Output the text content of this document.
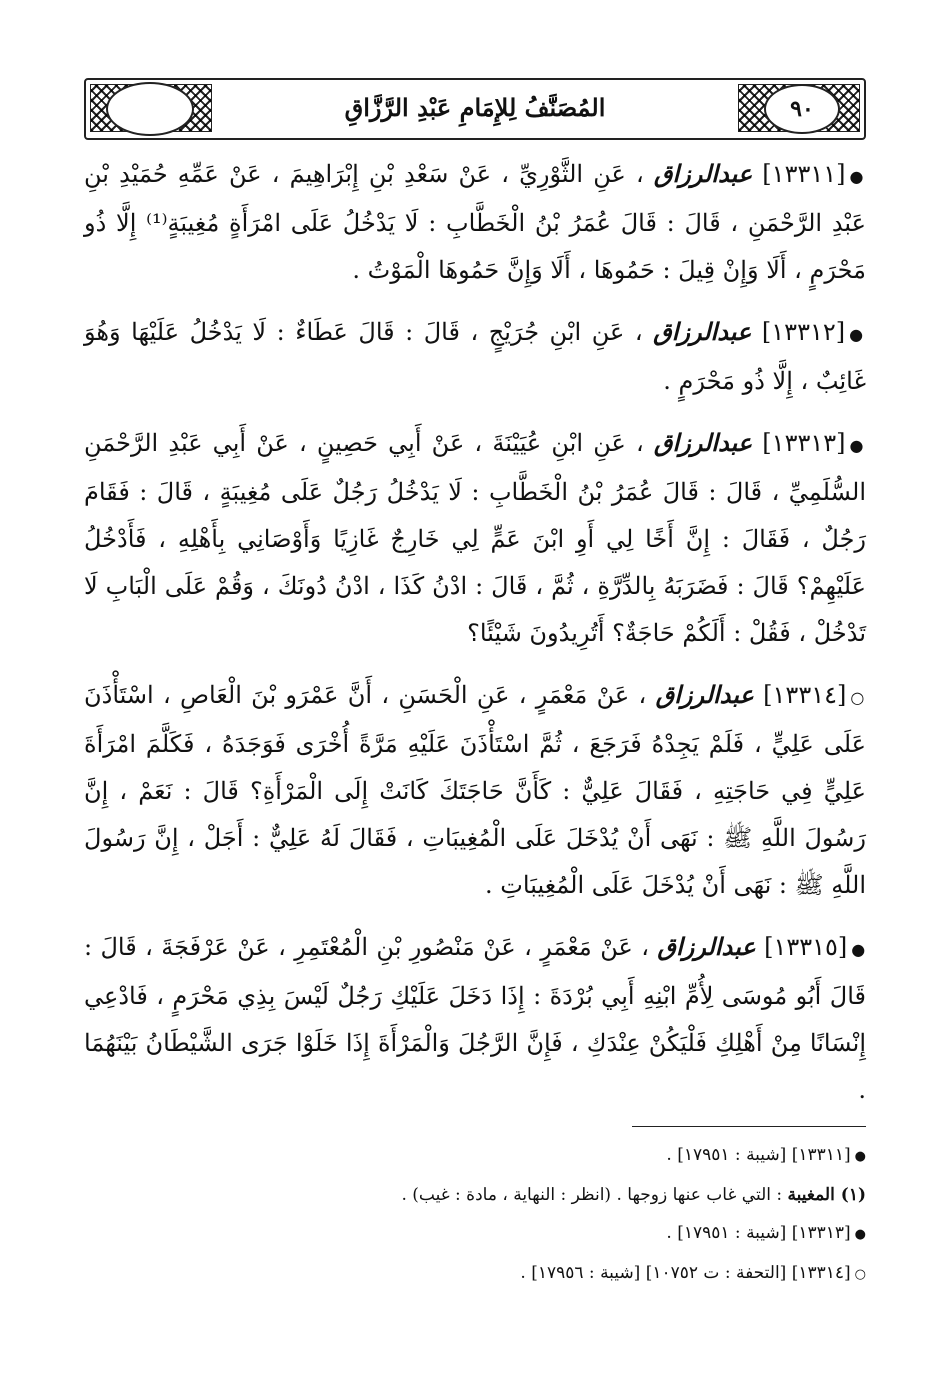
المُصَنَّفُ لِلإِمَامِ عَبْدِ الرَّزَّاقِ	٩٠

●[١٣٣١١] عبدالرزاق ، عَنِ الثَّوْرِيِّ ، عَنْ سَعْدِ بْنِ إِبْرَاهِيمَ ، عَنْ عَمِّهِ حُمَيْدِ بْنِ عَبْدِ الرَّحْمَنِ ، قَالَ : قَالَ عُمَرُ بْنُ الْخَطَّابِ : لَا يَدْخُلُ عَلَى امْرَأَةٍ مُغِيبَةٍ⁽¹⁾ إِلَّا ذُو مَحْرَمٍ ، أَلَا وَإِنْ قِيلَ : حَمُوهَا ، أَلَا وَإِنَّ حَمُوهَا الْمَوْتُ .

●[١٣٣١٢] عبدالرزاق ، عَنِ ابْنِ جُرَيْجٍ ، قَالَ : قَالَ عَطَاءٌ : لَا يَدْخُلُ عَلَيْهَا وَهُوَ غَائِبٌ ، إِلَّا ذُو مَحْرَمٍ .

●[١٣٣١٣] عبدالرزاق ، عَنِ ابْنِ عُيَيْنَةَ ، عَنْ أَبِي حَصِينٍ ، عَنْ أَبِي عَبْدِ الرَّحْمَنِ السُّلَمِيِّ ، قَالَ : قَالَ عُمَرُ بْنُ الْخَطَّابِ : لَا يَدْخُلُ رَجُلٌ عَلَى مُغِيبَةٍ ، قَالَ : فَقَامَ رَجُلٌ ، فَقَالَ : إِنَّ أَخًا لِي أَوِ ابْنَ عَمٍّ لِي خَارِجٌ غَازِيًا وَأَوْصَانِي بِأَهْلِهِ ، فَأَدْخُلُ عَلَيْهِمْ؟ قَالَ : فَضَرَبَهُ بِالدِّرَّةِ ، ثُمَّ ، قَالَ : ادْنُ كَذَا ، ادْنُ دُونَكَ ، وَقُمْ عَلَى الْبَابِ لَا تَدْخُلْ ، فَقُلْ : أَلَكُمْ حَاجَةٌ؟ أَتُرِيدُونَ شَيْئًا؟

○[١٣٣١٤] عبدالرزاق ، عَنْ مَعْمَرٍ ، عَنِ الْحَسَنِ ، أَنَّ عَمْرَو بْنَ الْعَاصِ ، اسْتَأْذَنَ عَلَى عَلِيٍّ ، فَلَمْ يَجِدْهُ فَرَجَعَ ، ثُمَّ اسْتَأْذَنَ عَلَيْهِ مَرَّةً أُخْرَى فَوَجَدَهُ ، فَكَلَّمَ امْرَأَةَ عَلِيٍّ فِي حَاجَتِهِ ، فَقَالَ عَلِيٌّ : كَأَنَّ حَاجَتَكَ كَانَتْ إِلَى الْمَرْأَةِ؟ قَالَ : نَعَمْ ، إِنَّ رَسُولَ اللَّهِ ﷺ : نَهَى أَنْ يُدْخَلَ عَلَى الْمُغِيبَاتِ ، فَقَالَ لَهُ عَلِيٌّ : أَجَلْ ، إِنَّ رَسُولَ اللَّهِ ﷺ : نَهَى أَنْ يُدْخَلَ عَلَى الْمُغِيبَاتِ .

●[١٣٣١٥] عبدالرزاق ، عَنْ مَعْمَرٍ ، عَنْ مَنْصُورِ بْنِ الْمُعْتَمِرِ ، عَنْ عَرْفَجَةَ ، قَالَ : قَالَ أَبُو مُوسَى لِأُمِّ ابْنِهِ أَبِي بُرْدَةَ : إِذَا دَخَلَ عَلَيْكِ رَجُلٌ لَيْسَ بِذِي مَحْرَمٍ ، فَادْعِي إِنْسَانًا مِنْ أَهْلِكِ فَلْيَكُنْ عِنْدَكِ ، فَإِنَّ الرَّجُلَ وَالْمَرْأَةَ إِذَا خَلَوْا جَرَى الشَّيْطَانُ بَيْنَهُمَا .

●[١٣٣١١] [شيبة : ١٧٩٥١] .

(١) المغيبة : التي غاب عنها زوجها . (انظر : النهاية ، مادة : غيب) .

●[١٣٣١٣] [شيبة : ١٧٩٥١] .

○[١٣٣١٤] [التحفة : ت ١٠٧٥٢] [شيبة : ١٧٩٥٦] .
